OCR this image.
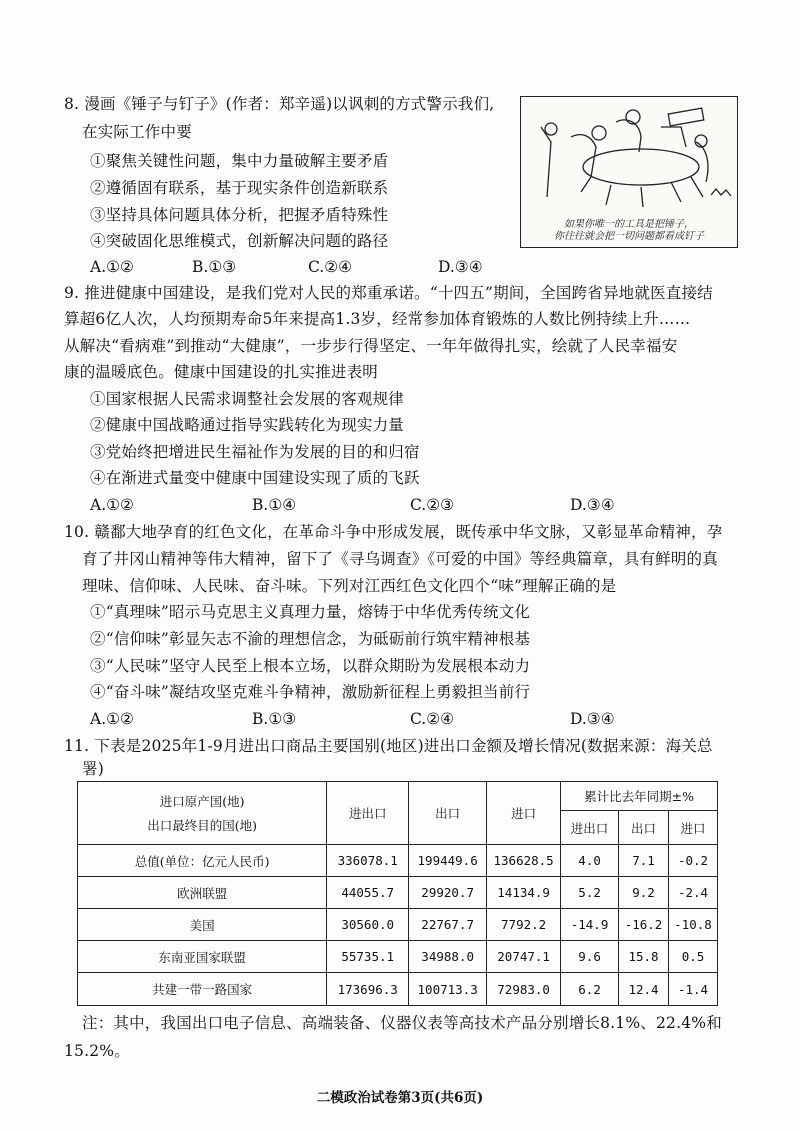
8. 漫画《锤子与钉子》(作者：郑辛遥)以讽刺的方式警示我们,
在实际工作中要
①聚焦关键性问题，集中力量破解主要矛盾
②遵循固有联系，基于现实条件创造新联系
③坚持具体问题具体分析，把握矛盾特殊性
④突破固化思维模式，创新解决问题的路径
A.①②	B.①③	C.②④	D.③④
如果你唯一的工具是把锤子，
你往往就会把一切问题都看成钉子
9. 推进健康中国建设，是我们党对人民的郑重承诺。“十四五”期间，全国跨省异地就医直接结
算超6亿人次，人均预期寿命5年来提高1.3岁，经常参加体育锻炼的人数比例持续上升……
从解决“看病难”到推动“大健康”，一步步行得坚定、一年年做得扎实，绘就了人民幸福安
康的温暖底色。健康中国建设的扎实推进表明
①国家根据人民需求调整社会发展的客观规律
②健康中国战略通过指导实践转化为现实力量
③党始终把增进民生福祉作为发展的目的和归宿
④在渐进式量变中健康中国建设实现了质的飞跃
A.①②	B.①④	C.②③	D.③④
10. 赣鄱大地孕育的红色文化，在革命斗争中形成发展，既传承中华文脉，又彰显革命精神，孕
育了井冈山精神等伟大精神，留下了《寻乌调查》《可爱的中国》等经典篇章，具有鲜明的真
理味、信仰味、人民味、奋斗味。下列对江西红色文化四个“味”理解正确的是
①“真理味”昭示马克思主义真理力量，熔铸于中华优秀传统文化
②“信仰味”彰显矢志不渝的理想信念，为砥砺前行筑牢精神根基
③“人民味”坚守人民至上根本立场，以群众期盼为发展根本动力
④“奋斗味”凝结攻坚克难斗争精神，激励新征程上勇毅担当前行
A.①②	B.①③	C.②④	D.③④
11. 下表是2025年1-9月进出口商品主要国别(地区)进出口金额及增长情况(数据来源：海关总
署)
进口原产国(地)
出口最终目的国(地)	进出口	出口	进口	累计比去年同期±%		
				进出口	出口	进口
总值(单位：亿元人民币)	336078.1	199449.6	136628.5	4.0	7.1	-0.2
欧洲联盟	44055.7	29920.7	14134.9	5.2	9.2	-2.4
美国	30560.0	22767.7	7792.2	-14.9	-16.2	-10.8
东南亚国家联盟	55735.1	34988.0	20747.1	9.6	15.8	0.5
共建一带一路国家	173696.3	100713.3	72983.0	6.2	12.4	-1.4
注：其中，我国出口电子信息、高端装备、仪器仪表等高技术产品分别增长8.1%、22.4%和
15.2%。
二模政治试卷第3页(共6页)
